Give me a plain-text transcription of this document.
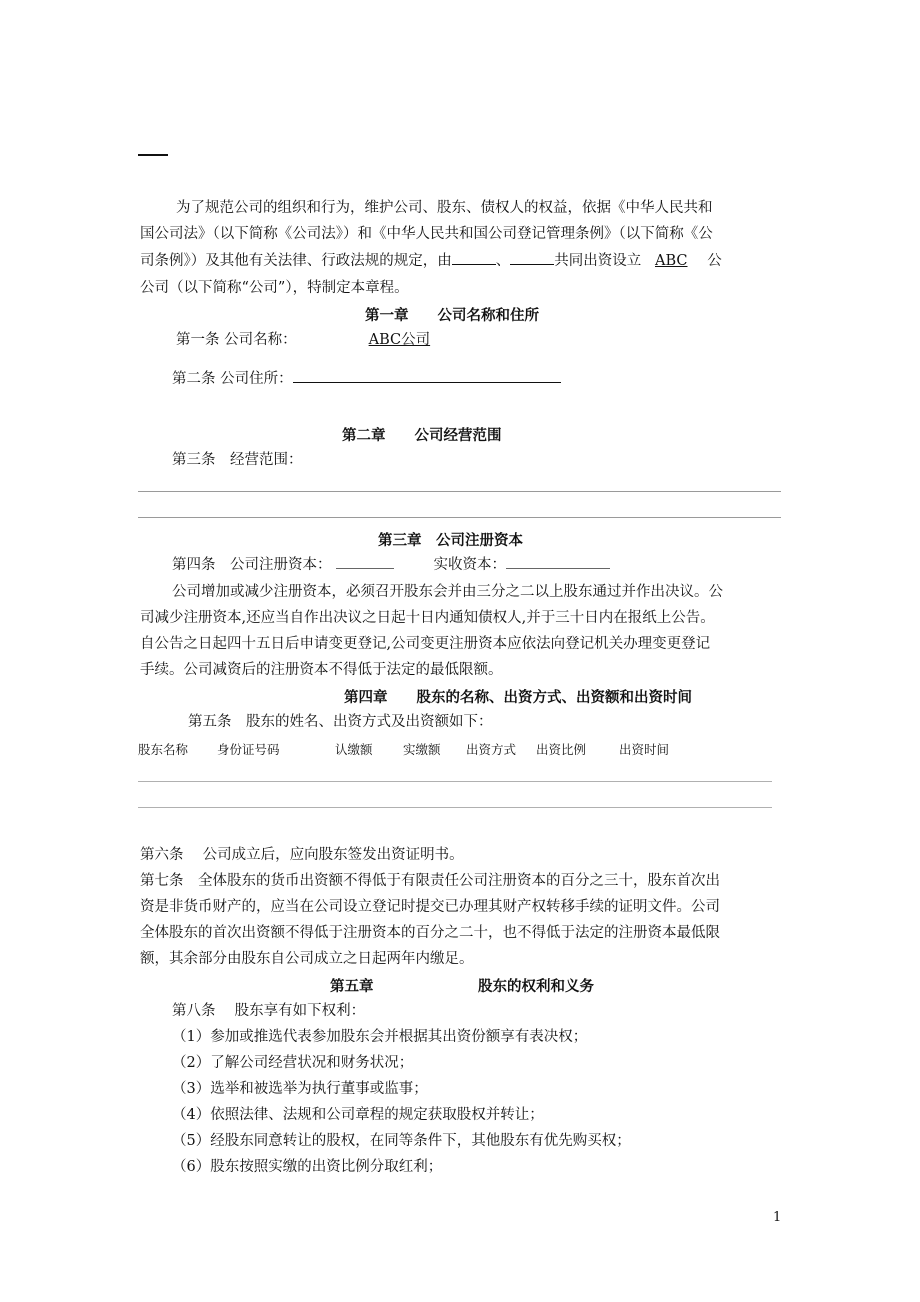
为了规范公司的组织和行为，维护公司、股东、债权人的权益，依据《中华人民共和
国公司法》（以下简称《公司法》）和《中华人民共和国公司登记管理条例》（以下简称《公
司条例》）及其他有关法律、行政法规的规定，由	、	共同出资设立 ABC 公
公司（以下简称“公司”），特制定本章程。
第一章　　公司名称和住所
第一条 公司名称：	ABC公司
第二条 公司住所：
第二章　　公司经营范围
第三条　经营范围：
第三章　公司注册资本
第四条　公司注册资本：	实收资本：
公司增加或减少注册资本，必须召开股东会并由三分之二以上股东通过并作出决议。公
司减少注册资本,还应当自作出决议之日起十日内通知债权人,并于三十日内在报纸上公告。
自公告之日起四十五日后申请变更登记,公司变更注册资本应依法向登记机关办理变更登记
手续。公司减资后的注册资本不得低于法定的最低限额。
第四章　　股东的名称、出资方式、出资额和出资时间
第五条　股东的姓名、出资方式及出资额如下：
股东名称 身份证号码	认缴额 实缴额 出资方式 出资比例	出资时间
第六条　 公司成立后，应向股东签发出资证明书。
第七条　全体股东的货币出资额不得低于有限责任公司注册资本的百分之三十，股东首次出
资是非货币财产的，应当在公司设立登记时提交已办理其财产权转移手续的证明文件。公司
全体股东的首次出资额不得低于注册资本的百分之二十，也不得低于法定的注册资本最低限
额，其余部分由股东自公司成立之日起两年内缴足。
第五章	股东的权利和义务
第八条　 股东享有如下权利：
（1）参加或推选代表参加股东会并根据其出资份额享有表决权；
（2）了解公司经营状况和财务状况；
（3）选举和被选举为执行董事或监事；
（4）依照法律、法规和公司章程的规定获取股权并转让；
（5）经股东同意转让的股权，在同等条件下，其他股东有优先购买权；
（6）股东按照实缴的出资比例分取红利；
1
